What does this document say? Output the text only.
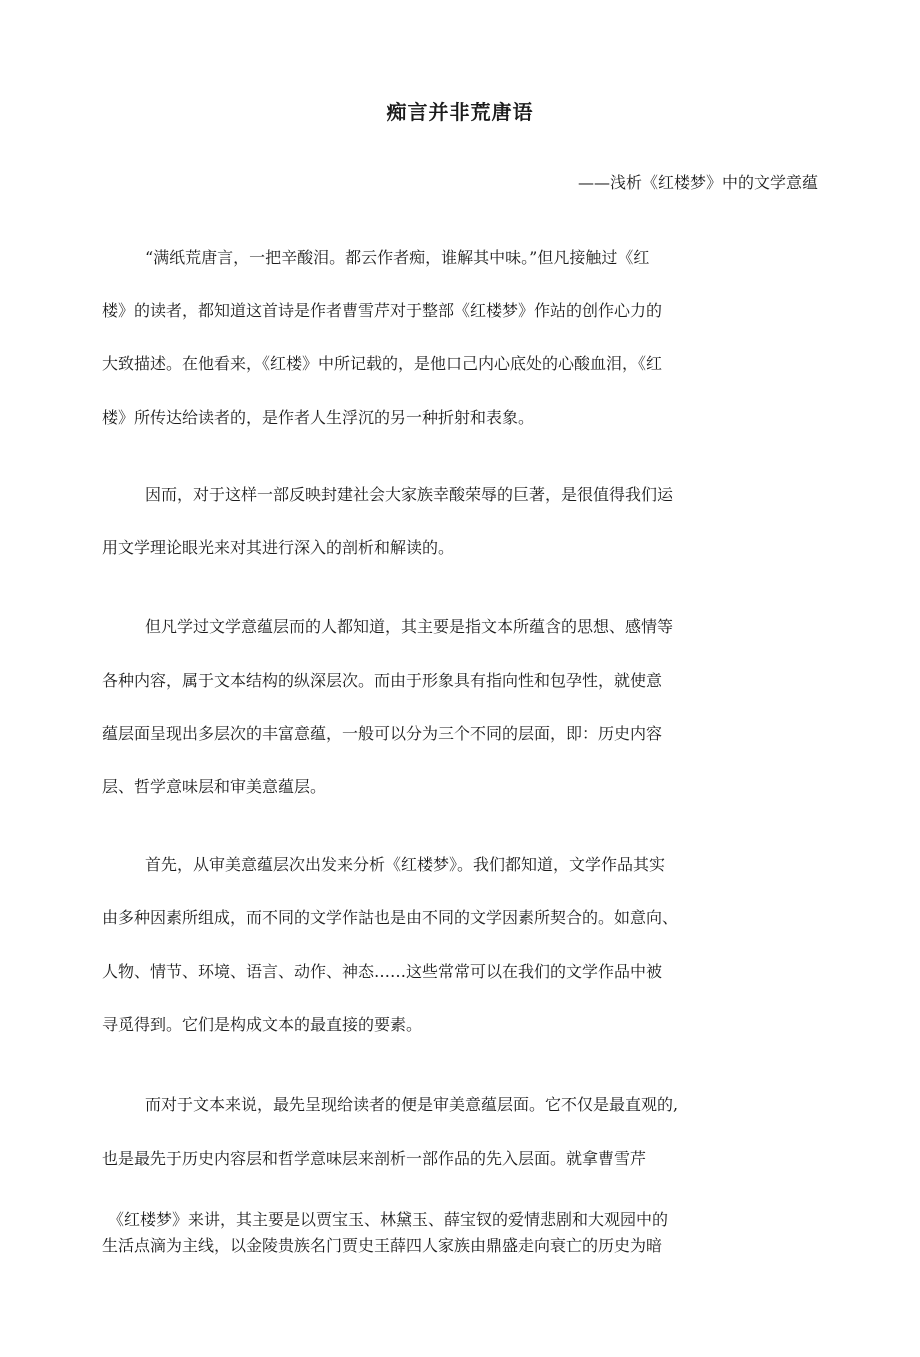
痴言并非荒唐语
——浅析《红楼梦》中的文学意蕴
“满纸荒唐言，一把辛酸泪。都云作者痴，谁解其中味。”但凡接触过《红
楼》的读者，都知道这首诗是作者曹雪芹对于整部《红楼梦》作站的创作心力的
大致描述。在他看来，《红楼》中所记载的，是他口己内心底处的心酸血泪，《红
楼》所传达给读者的，是作者人生浮沉的另一种折射和表象。
因而，对于这样一部反映封建社会大家族幸酸荣辱的巨著，是很值得我们运
用文学理论眼光来对其进行深入的剖析和解读的。
但凡学过文学意蕴层而的人都知道，其主要是指文本所蕴含的思想、感情等
各种内容，属于文本结构的纵深层次。而由于形象具有指向性和包孕性，就使意
蕴层面呈现出多层次的丰富意蕴，一般可以分为三个不同的层面，即：历史内容
层、哲学意味层和审美意蕴层。
首先，从审美意蕴层次出发来分析《红楼梦》。我们都知道，文学作品其实
由多种因素所组成，而不同的文学作詁也是由不同的文学因素所契合的。如意向、
人物、情节、环境、语言、动作、神态……这些常常可以在我们的文学作品中被
寻觅得到。它们是构成文本的最直接的要素。
而对于文本来说，最先呈现给读者的便是审美意蕴层面。它不仅是最直观的,
也是最先于历史内容层和哲学意味层来剖析一部作品的先入层面。就拿曹雪芹
《红楼梦》来讲，其主要是以贾宝玉、林黛玉、薛宝钗的爱情悲剧和大观园中的
生活点滴为主线，以金陵贵族名门贾史王薛四人家族由鼎盛走向衰亡的历史为暗
